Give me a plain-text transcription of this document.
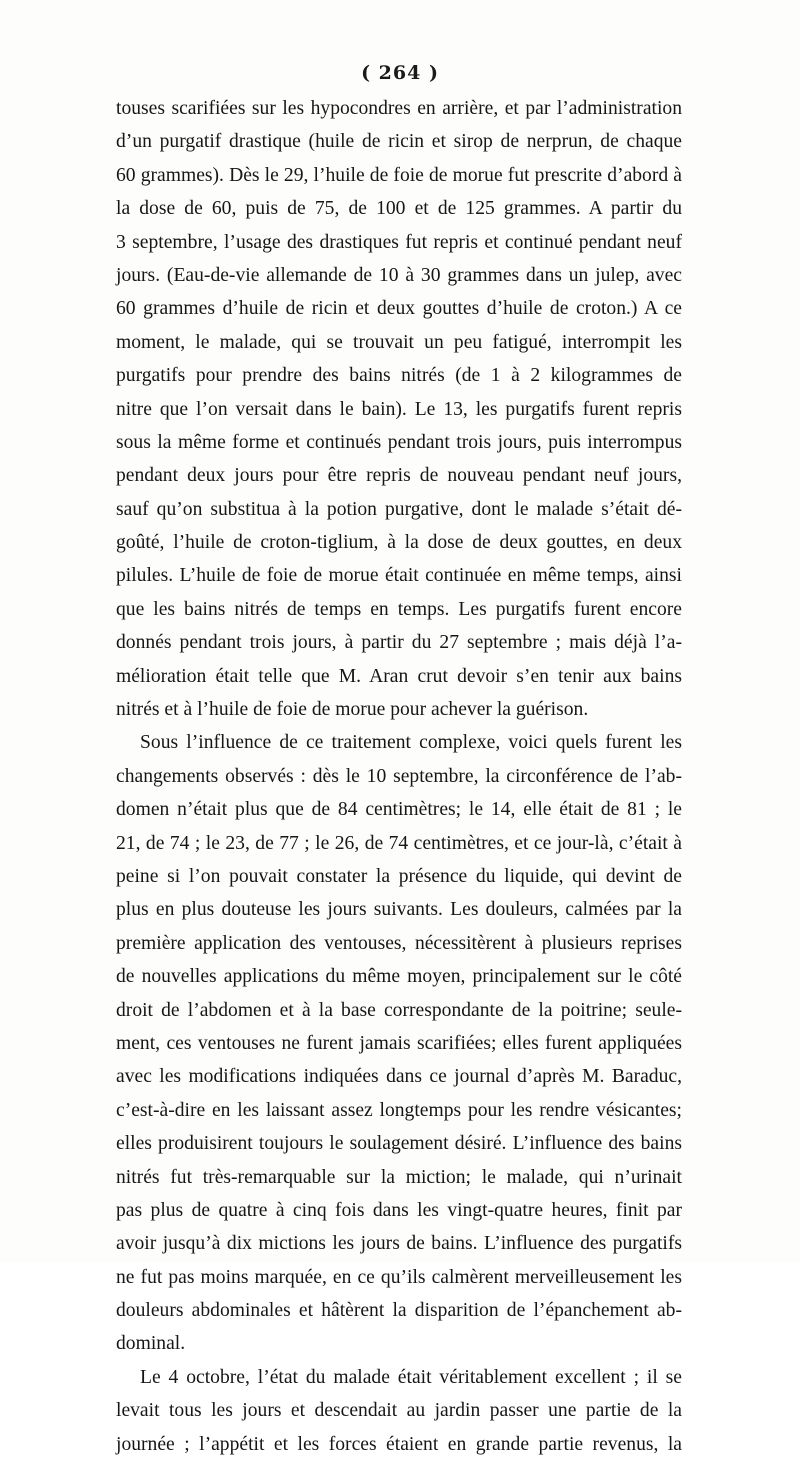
( 264 )
touses scarifiées sur les hypocondres en arrière, et par l’administration
d’un purgatif drastique (huile de ricin et sirop de nerprun, de chaque
60 grammes). Dès le 29, l’huile de foie de morue fut prescrite d’abord à
la dose de 60, puis de 75, de 100 et de 125 grammes. A partir du
3 septembre, l’usage des drastiques fut repris et continué pendant neuf
jours. (Eau-de-vie allemande de 10 à 30 grammes dans un julep, avec
60 grammes d’huile de ricin et deux gouttes d’huile de croton.) A ce
moment, le malade, qui se trouvait un peu fatigué, interrompit les
purgatifs pour prendre des bains nitrés (de 1 à 2 kilogrammes de
nitre que l’on versait dans le bain). Le 13, les purgatifs furent repris
sous la même forme et continués pendant trois jours, puis interrompus
pendant deux jours pour être repris de nouveau pendant neuf jours,
sauf qu’on substitua à la potion purgative, dont le malade s’était dé-
goûté, l’huile de croton-tiglium, à la dose de deux gouttes, en deux
pilules. L’huile de foie de morue était continuée en même temps, ainsi
que les bains nitrés de temps en temps. Les purgatifs furent encore
donnés pendant trois jours, à partir du 27 septembre ; mais déjà l’a-
mélioration était telle que M. Aran crut devoir s’en tenir aux bains
nitrés et à l’huile de foie de morue pour achever la guérison.
Sous l’influence de ce traitement complexe, voici quels furent les
changements observés : dès le 10 septembre, la circonférence de l’ab-
domen n’était plus que de 84 centimètres; le 14, elle était de 81 ; le
21, de 74 ; le 23, de 77 ; le 26, de 74 centimètres, et ce jour-là, c’était à
peine si l’on pouvait constater la présence du liquide, qui devint de
plus en plus douteuse les jours suivants. Les douleurs, calmées par la
première application des ventouses, nécessitèrent à plusieurs reprises
de nouvelles applications du même moyen, principalement sur le côté
droit de l’abdomen et à la base correspondante de la poitrine; seule-
ment, ces ventouses ne furent jamais scarifiées; elles furent appliquées
avec les modifications indiquées dans ce journal d’après M. Baraduc,
c’est-à-dire en les laissant assez longtemps pour les rendre vésicantes;
elles produisirent toujours le soulagement désiré. L’influence des bains
nitrés fut très-remarquable sur la miction; le malade, qui n’urinait
pas plus de quatre à cinq fois dans les vingt-quatre heures, finit par
avoir jusqu’à dix mictions les jours de bains. L’influence des purgatifs
ne fut pas moins marquée, en ce qu’ils calmèrent merveilleusement les
douleurs abdominales et hâtèrent la disparition de l’épanchement ab-
dominal.
Le 4 octobre, l’état du malade était véritablement excellent ; il se
levait tous les jours et descendait au jardin passer une partie de la
journée ; l’appétit et les forces étaient en grande partie revenus, la
